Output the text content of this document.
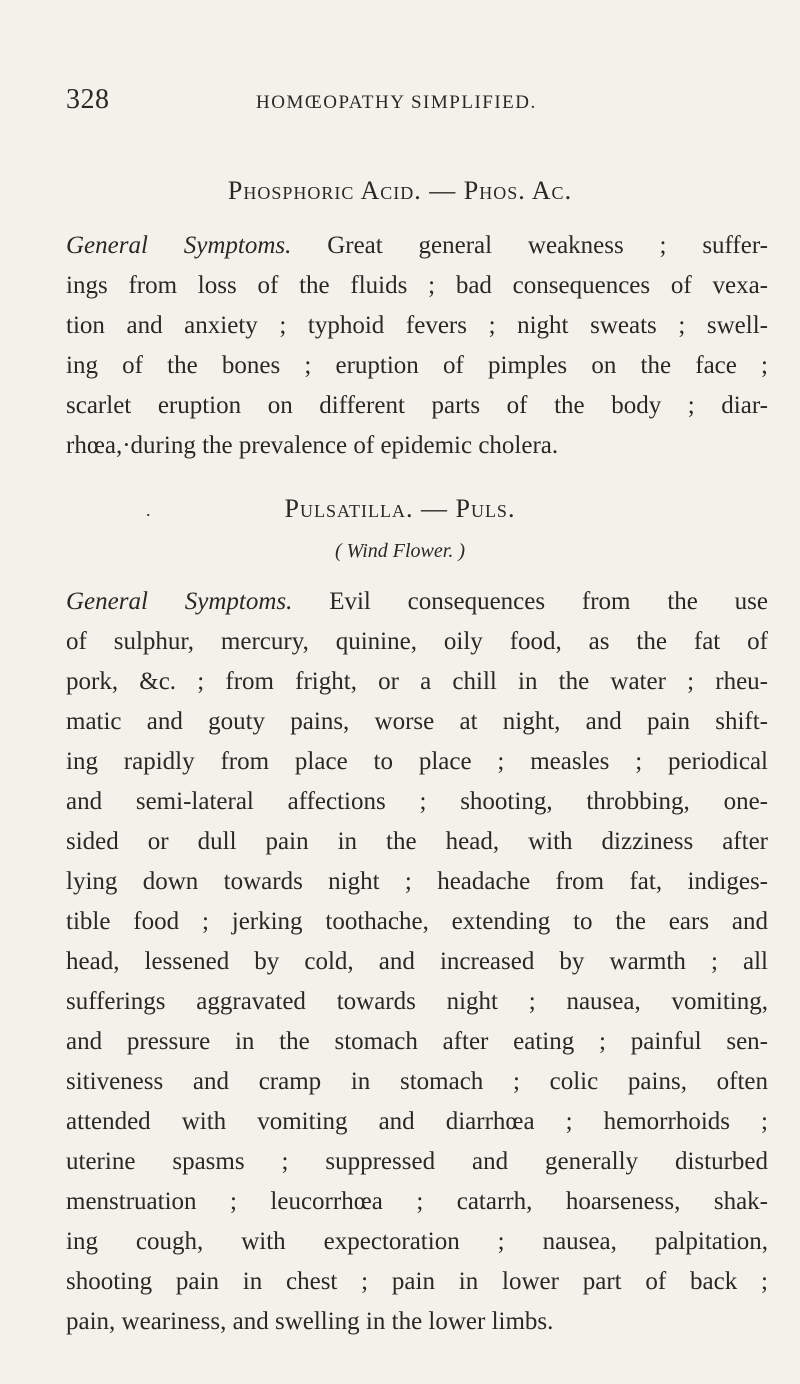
328	HOMŒOPATHY SIMPLIFIED.
Phosphoric Acid. — Phos. Ac.
General Symptoms. Great general weakness ; suffer-
ings from loss of the fluids ; bad consequences of vexa-
tion and anxiety ; typhoid fevers ; night sweats ; swell-
ing of the bones ; eruption of pimples on the face ;
scarlet eruption on different parts of the body ; diar-
rhœa,·during the prevalence of epidemic cholera.
.	Pulsatilla. — Puls.
( Wind Flower. )
General Symptoms. Evil consequences from the use
of sulphur, mercury, quinine, oily food, as the fat of
pork, &c. ; from fright, or a chill in the water ; rheu-
matic and gouty pains, worse at night, and pain shift-
ing rapidly from place to place ; measles ; periodical
and semi-lateral affections ; shooting, throbbing, one-
sided or dull pain in the head, with dizziness after
lying down towards night ; headache from fat, indiges-
tible food ; jerking toothache, extending to the ears and
head, lessened by cold, and increased by warmth ; all
sufferings aggravated towards night ; nausea, vomiting,
and pressure in the stomach after eating ; painful sen-
sitiveness and cramp in stomach ; colic pains, often
attended with vomiting and diarrhœa ; hemorrhoids ;
uterine spasms ; suppressed and generally disturbed
menstruation ; leucorrhœa ; catarrh, hoarseness, shak-
ing cough, with expectoration ; nausea, palpitation,
shooting pain in chest ; pain in lower part of back ;
pain, weariness, and swelling in the lower limbs.
